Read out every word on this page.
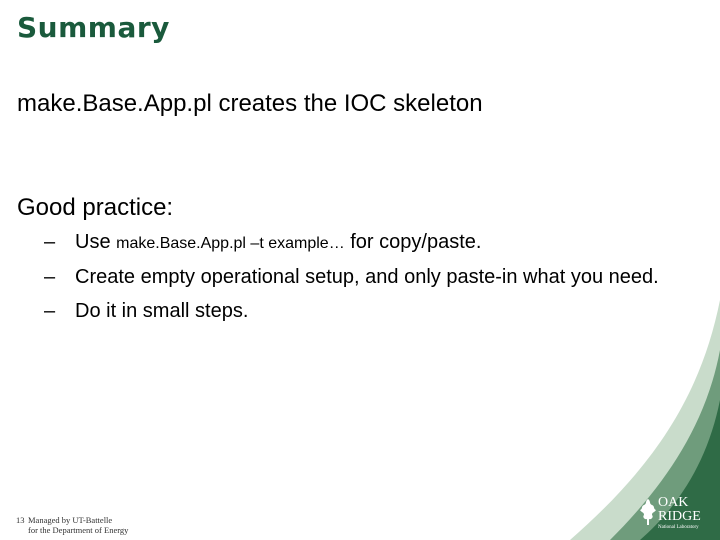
Summary
make.Base.App.pl creates the IOC skeleton
Good practice:
– Use make.Base.App.pl –t example… for copy/paste.
– Create empty operational setup, and only paste-in what you need.
– Do it in small steps.
13 Managed by UT-Battelle
for the Department of Energy
OAK
RIDGE
National Laboratory
